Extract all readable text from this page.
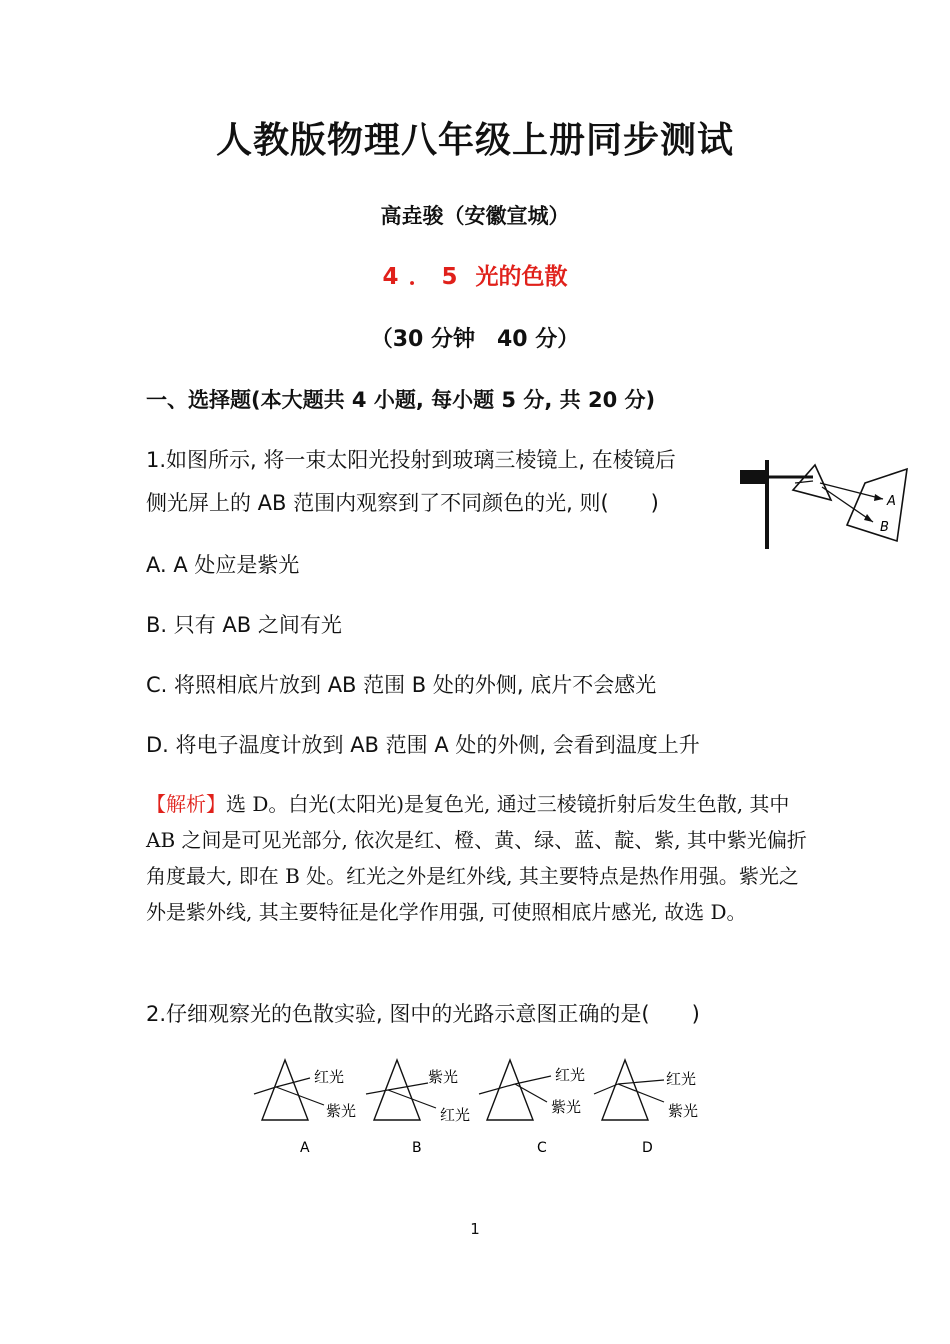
人教版物理八年级上册同步测试
高垚骏（安徽宣城）
4．5 光的色散
（30 分钟　40 分）
一、选择题(本大题共 4 小题, 每小题 5 分, 共 20 分)
1.如图所示, 将一束太阳光投射到玻璃三棱镜上, 在棱镜后
侧光屏上的 AB 范围内观察到了不同颜色的光, 则(　　)
A. A 处应是紫光
B. 只有 AB 之间有光
C. 将照相底片放到 AB 范围 B 处的外侧, 底片不会感光
D. 将电子温度计放到 AB 范围 A 处的外侧, 会看到温度上升
A
B
【解析】选 D。白光(太阳光)是复色光, 通过三棱镜折射后发生色散, 其中 AB 之间是可见光部分, 依次是红、橙、黄、绿、蓝、靛、紫, 其中紫光偏折角度最大, 即在 B 处。红光之外是红外线, 其主要特点是热作用强。紫光之外是紫外线, 其主要特征是化学作用强, 可使照相底片感光, 故选 D。
2.仔细观察光的色散实验, 图中的光路示意图正确的是(　　)
红光
紫光
A
紫光
红光
B
红光
紫光
C
红光
紫光
D
1
